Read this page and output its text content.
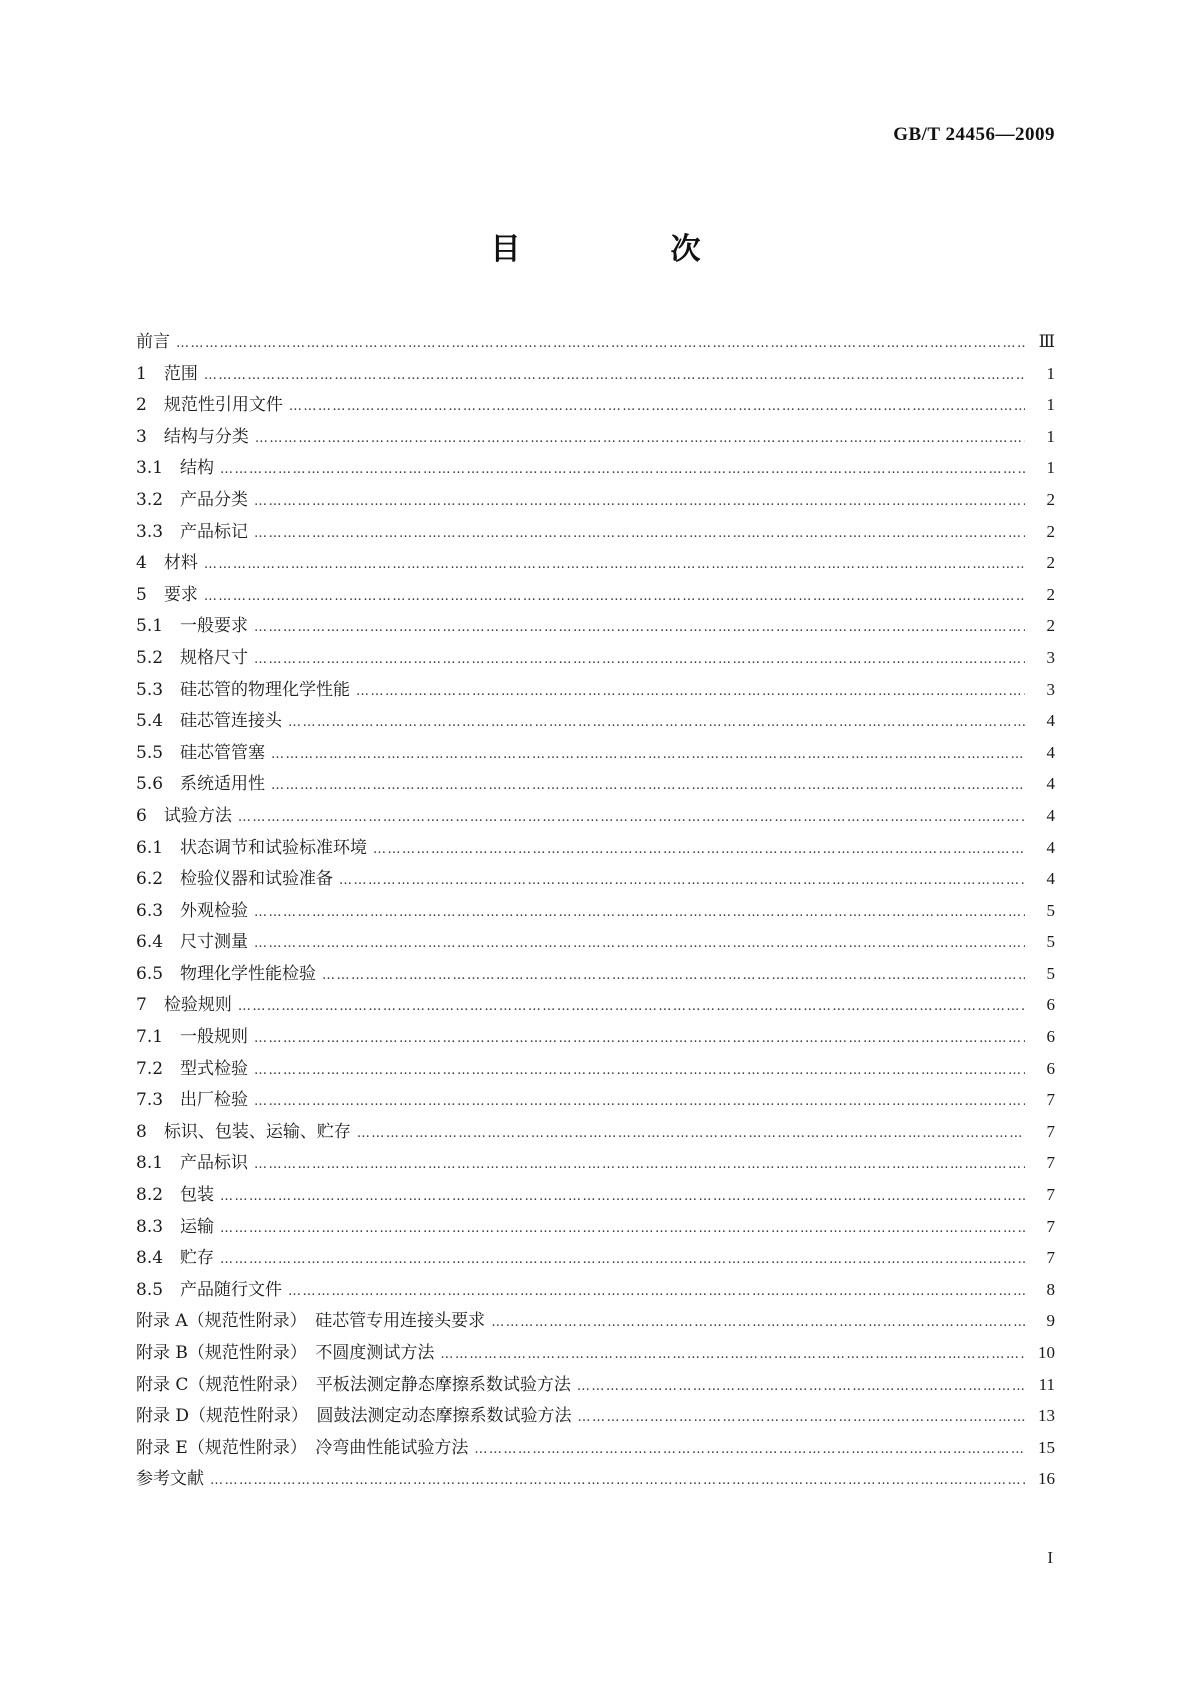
GB/T 24456—2009
目　次
前言 ………………………………………………………………………………………………………………………………………………………………………………………………………………………………	Ⅲ
1　范围 ………………………………………………………………………………………………………………………………………………………………………………………………………………………………	1
2　规范性引用文件 ………………………………………………………………………………………………………………………………………………………………………………………………………………………………	1
3　结构与分类 ………………………………………………………………………………………………………………………………………………………………………………………………………………………………	1
3.1　结构 ………………………………………………………………………………………………………………………………………………………………………………………………………………………………	1
3.2　产品分类 ………………………………………………………………………………………………………………………………………………………………………………………………………………………………	2
3.3　产品标记 ………………………………………………………………………………………………………………………………………………………………………………………………………………………………	2
4　材料 ………………………………………………………………………………………………………………………………………………………………………………………………………………………………	2
5　要求 ………………………………………………………………………………………………………………………………………………………………………………………………………………………………	2
5.1　一般要求 ………………………………………………………………………………………………………………………………………………………………………………………………………………………………	2
5.2　规格尺寸 ………………………………………………………………………………………………………………………………………………………………………………………………………………………………	3
5.3　硅芯管的物理化学性能 ………………………………………………………………………………………………………………………………………………………………………………………………………………………………	3
5.4　硅芯管连接头 ………………………………………………………………………………………………………………………………………………………………………………………………………………………………	4
5.5　硅芯管管塞 ………………………………………………………………………………………………………………………………………………………………………………………………………………………………	4
5.6　系统适用性 ………………………………………………………………………………………………………………………………………………………………………………………………………………………………	4
6　试验方法 ………………………………………………………………………………………………………………………………………………………………………………………………………………………………	4
6.1　状态调节和试验标准环境 ………………………………………………………………………………………………………………………………………………………………………………………………………………………………	4
6.2　检验仪器和试验准备 ………………………………………………………………………………………………………………………………………………………………………………………………………………………………	4
6.3　外观检验 ………………………………………………………………………………………………………………………………………………………………………………………………………………………………	5
6.4　尺寸测量 ………………………………………………………………………………………………………………………………………………………………………………………………………………………………	5
6.5　物理化学性能检验 ………………………………………………………………………………………………………………………………………………………………………………………………………………………………	5
7　检验规则 ………………………………………………………………………………………………………………………………………………………………………………………………………………………………	6
7.1　一般规则 ………………………………………………………………………………………………………………………………………………………………………………………………………………………………	6
7.2　型式检验 ………………………………………………………………………………………………………………………………………………………………………………………………………………………………	6
7.3　出厂检验 ………………………………………………………………………………………………………………………………………………………………………………………………………………………………	7
8　标识、包装、运输、贮存 ………………………………………………………………………………………………………………………………………………………………………………………………………………………………	7
8.1　产品标识 ………………………………………………………………………………………………………………………………………………………………………………………………………………………………	7
8.2　包装 ………………………………………………………………………………………………………………………………………………………………………………………………………………………………	7
8.3　运输 ………………………………………………………………………………………………………………………………………………………………………………………………………………………………	7
8.4　贮存 ………………………………………………………………………………………………………………………………………………………………………………………………………………………………	7
8.5　产品随行文件 ………………………………………………………………………………………………………………………………………………………………………………………………………………………………	8
附录 A（规范性附录）　硅芯管专用连接头要求 ………………………………………………………………………………………………………………………………………………………………………………………………………………………………	9
附录 B（规范性附录）　不圆度测试方法 ………………………………………………………………………………………………………………………………………………………………………………………………………………………………	10
附录 C（规范性附录）　平板法测定静态摩擦系数试验方法 ………………………………………………………………………………………………………………………………………………………………………………………………………………………………	11
附录 D（规范性附录）　圆鼓法测定动态摩擦系数试验方法 ………………………………………………………………………………………………………………………………………………………………………………………………………………………………	13
附录 E（规范性附录）　冷弯曲性能试验方法 ………………………………………………………………………………………………………………………………………………………………………………………………………………………………	15
参考文献 ………………………………………………………………………………………………………………………………………………………………………………………………………………………………	16
I
